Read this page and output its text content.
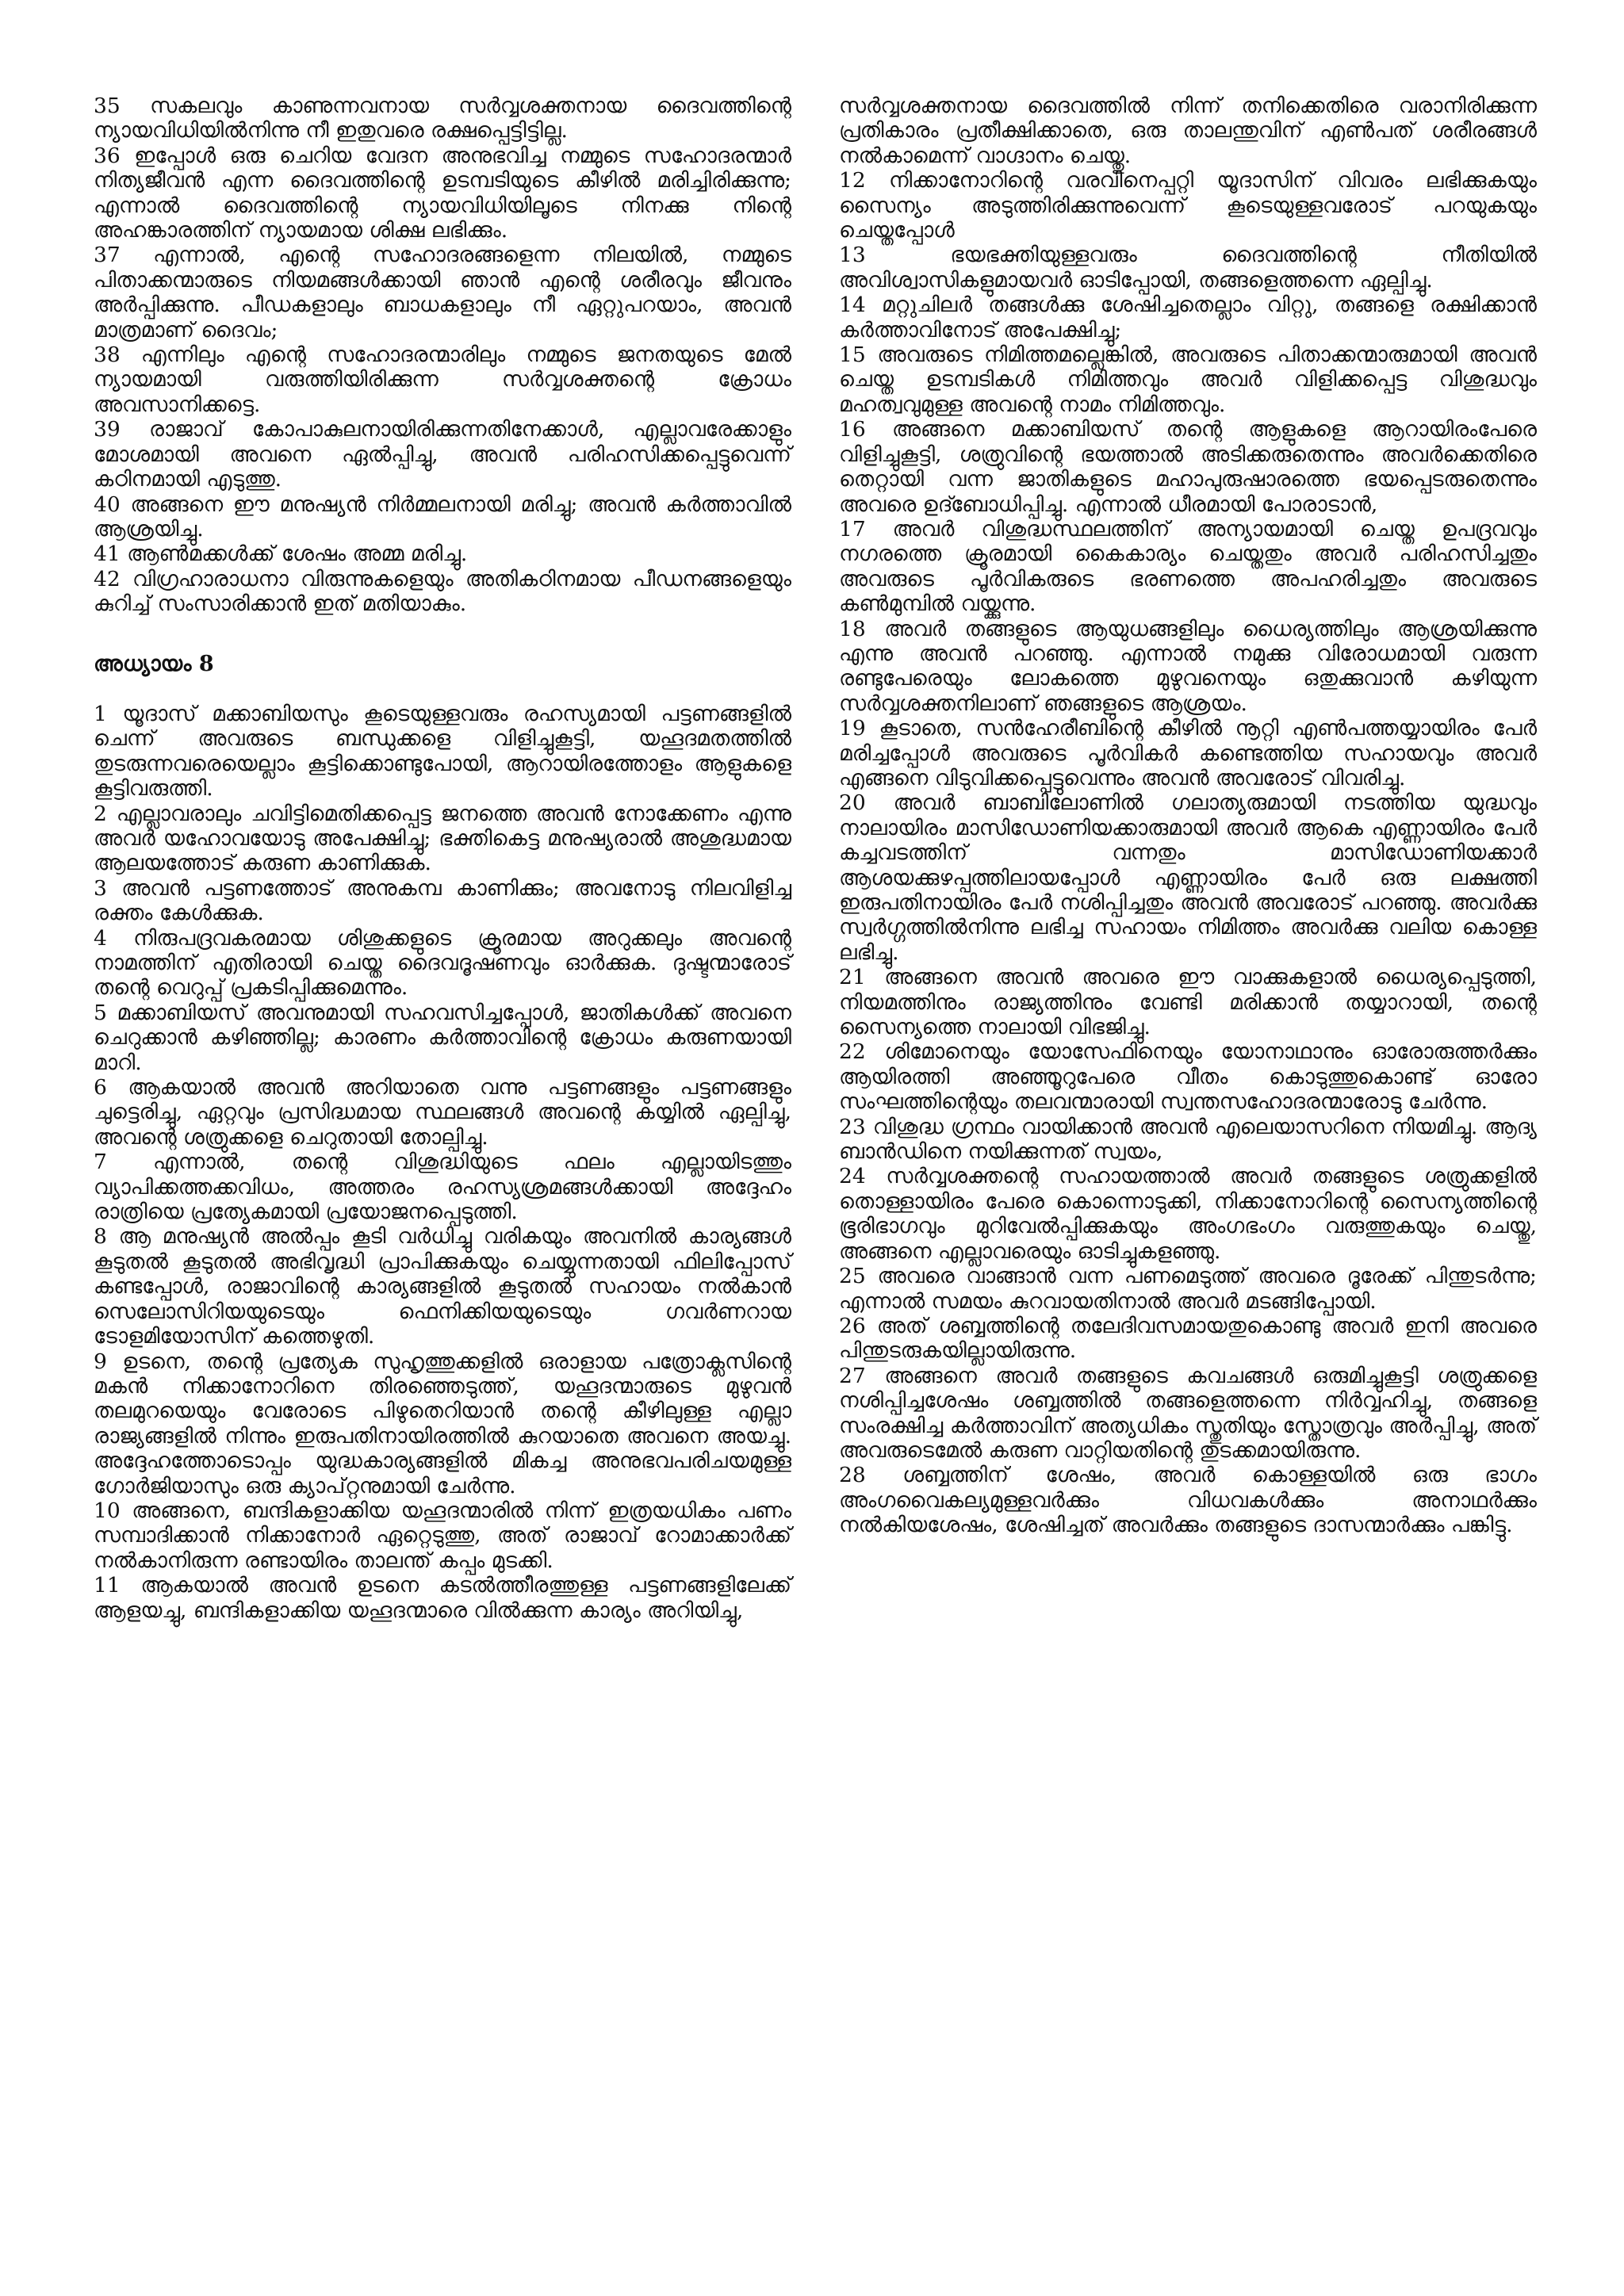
35 സകലവും കാണുന്നവനായ സർവ്വശക്തനായ ദൈവത്തിന്റെ ന്യായവിധിയിൽനിന്നു നീ ഇതുവരെ രക്ഷപ്പെട്ടിട്ടില്ല.

36 ഇപ്പോൾ ഒരു ചെറിയ വേദന അനുഭവിച്ച നമ്മുടെ സഹോദരന്മാർ നിത്യജീവൻ എന്ന ദൈവത്തിന്റെ ഉടമ്പടിയുടെ കീഴിൽ മരിച്ചിരിക്കുന്നു; എന്നാൽ ദൈവത്തിന്റെ ന്യായവിധിയിലൂടെ നിനക്കു നിന്റെ അഹങ്കാരത്തിന് ന്യായമായ ശിക്ഷ ലഭിക്കും.

37 എന്നാൽ, എന്റെ സഹോദരങ്ങളെന്ന നിലയിൽ, നമ്മുടെ പിതാക്കന്മാരുടെ നിയമങ്ങൾക്കായി ഞാൻ എന്റെ ശരീരവും ജീവനും അർപ്പിക്കുന്നു. പീഡകളാലും ബാധകളാലും നീ ഏറ്റുപറയാം, അവൻ മാത്രമാണ് ദൈവം;

38 എന്നിലും എന്റെ സഹോദരന്മാരിലും നമ്മുടെ ജനതയുടെ മേൽ ന്യായമായി വരുത്തിയിരിക്കുന്ന സർവ്വശക്തന്റെ ക്രോധം അവസാനിക്കട്ടെ.

39 രാജാവ് കോപാകുലനായിരിക്കുന്നതിനേക്കാൾ, എല്ലാവരേക്കാളും മോശമായി അവനെ ഏൽപ്പിച്ചു, അവൻ പരിഹസിക്കപ്പെട്ടുവെന്ന് കഠിനമായി എടുത്തു.

40 അങ്ങനെ ഈ മനുഷ്യൻ നിർമ്മലനായി മരിച്ചു; അവൻ കർത്താവിൽ ആശ്രയിച്ചു.

41 ആൺമക്കൾക്ക് ശേഷം അമ്മ മരിച്ചു.

42 വിഗ്രഹാരാധനാ വിരുന്നുകളെയും അതികഠിനമായ പീഡനങ്ങളെയും കുറിച്ച് സംസാരിക്കാൻ ഇത് മതിയാകും.

അധ്യായം 8

1 യൂദാസ് മക്കാബിയസും കൂടെയുള്ളവരും രഹസ്യമായി പട്ടണങ്ങളിൽ ചെന്ന് അവരുടെ ബന്ധുക്കളെ വിളിച്ചുകൂട്ടി, യഹൂദമതത്തിൽ തുടരുന്നവരെയെല്ലാം കൂട്ടിക്കൊണ്ടുപോയി, ആറായിരത്തോളം ആളുകളെ കൂട്ടിവരുത്തി.

2 എല്ലാവരാലും ചവിട്ടിമെതിക്കപ്പെട്ട ജനത്തെ അവൻ നോക്കേണം എന്നു അവർ യഹോവയോടു അപേക്ഷിച്ചു; ഭക്തികെട്ട മനുഷ്യരാൽ അശുദ്ധമായ ആലയത്തോട് കരുണ കാണിക്കുക.

3 അവൻ പട്ടണത്തോട് അനുകമ്പ കാണിക്കും; അവനോടു നിലവിളിച്ച രക്തം കേൾക്കുക.

4 നിരുപദ്രവകരമായ ശിശുക്കളുടെ ക്രൂരമായ അറുക്കലും അവന്റെ നാമത്തിന് എതിരായി ചെയ്ത ദൈവദൂഷണവും ഓർക്കുക. ദുഷ്ടന്മാരോട് തന്റെ വെറുപ്പ് പ്രകടിപ്പിക്കുമെന്നും.

5 മക്കാബിയസ് അവനുമായി സഹവസിച്ചപ്പോൾ, ജാതികൾക്ക് അവനെ ചെറുക്കാൻ കഴിഞ്ഞില്ല; കാരണം കർത്താവിന്റെ ക്രോധം കരുണയായി മാറി.

6 ആകയാൽ അവൻ അറിയാതെ വന്നു പട്ടണങ്ങളും പട്ടണങ്ങളും ചുട്ടെരിച്ചു, ഏറ്റവും പ്രസിദ്ധമായ സ്ഥലങ്ങൾ അവന്റെ കയ്യിൽ ഏല്പിച്ചു, അവന്റെ ശത്രുക്കളെ ചെറുതായി തോല്പിച്ചു.

7 എന്നാൽ, തന്റെ വിശുദ്ധിയുടെ ഫലം എല്ലായിടത്തും വ്യാപിക്കത്തക്കവിധം, അത്തരം രഹസ്യശ്രമങ്ങൾക്കായി അദ്ദേഹം രാത്രിയെ പ്രത്യേകമായി പ്രയോജനപ്പെടുത്തി.

8 ആ മനുഷ്യൻ അൽപ്പം കൂടി വർധിച്ചു വരികയും അവനിൽ കാര്യങ്ങൾ കൂടുതൽ കൂടുതൽ അഭിവൃദ്ധി പ്രാപിക്കുകയും ചെയ്യുന്നതായി ഫിലിപ്പോസ് കണ്ടപ്പോൾ, രാജാവിന്റെ കാര്യങ്ങളിൽ കൂടുതൽ സഹായം നൽകാൻ സെലോസിറിയയുടെയും ഫെനിക്കിയയുടെയും ഗവർണറായ ടോളമിയോസിന് കത്തെഴുതി.

9 ഉടനെ, തന്റെ പ്രത്യേക സുഹൃത്തുക്കളിൽ ഒരാളായ പത്രോക്ലസിന്റെ മകൻ നിക്കാനോറിനെ തിരഞ്ഞെടുത്ത്, യഹൂദന്മാരുടെ മുഴുവൻ തലമുറയെയും വേരോടെ പിഴുതെറിയാൻ തന്റെ കീഴിലുള്ള എല്ലാ രാജ്യങ്ങളിൽ നിന്നും ഇരുപതിനായിരത്തിൽ കുറയാതെ അവനെ അയച്ചു. അദ്ദേഹത്തോടൊപ്പം യുദ്ധകാര്യങ്ങളിൽ മികച്ച അനുഭവപരിചയമുള്ള ഗോർജിയാസും ഒരു ക്യാപ്റ്റനുമായി ചേർന്നു.

10 അങ്ങനെ, ബന്ദികളാക്കിയ യഹൂദന്മാരിൽ നിന്ന് ഇത്രയധികം പണം സമ്പാദിക്കാൻ നിക്കാനോർ ഏറ്റെടുത്തു, അത് രാജാവ് റോമാക്കാർക്ക് നൽകാനിരുന്ന രണ്ടായിരം താലന്ത് കപ്പം മുടക്കി.

11 ആകയാൽ അവൻ ഉടനെ കടൽത്തീരത്തുള്ള പട്ടണങ്ങളിലേക്ക് ആളയച്ചു, ബന്ദികളാക്കിയ യഹൂദന്മാരെ വിൽക്കുന്ന കാര്യം അറിയിച്ചു,

സർവ്വശക്തനായ ദൈവത്തിൽ നിന്ന് തനിക്കെതിരെ വരാനിരിക്കുന്ന പ്രതികാരം പ്രതീക്ഷിക്കാതെ, ഒരു താലന്തുവിന് എൺപത് ശരീരങ്ങൾ നൽകാമെന്ന് വാഗ്ദാനം ചെയ്തു.

12 നിക്കാനോറിന്റെ വരവിനെപ്പറ്റി യൂദാസിന് വിവരം ലഭിക്കുകയും സൈന്യം അടുത്തിരിക്കുന്നുവെന്ന് കൂടെയുള്ളവരോട് പറയുകയും ചെയ്തപ്പോൾ

13 ഭയഭക്തിയുള്ളവരും ദൈവത്തിന്റെ നീതിയിൽ അവിശ്വാസികളുമായവർ ഓടിപ്പോയി, തങ്ങളെത്തന്നെ ഏല്പിച്ചു.

14 മറ്റുചിലർ തങ്ങൾക്കു ശേഷിച്ചതെല്ലാം വിറ്റു, തങ്ങളെ രക്ഷിക്കാൻ കർത്താവിനോട് അപേക്ഷിച്ചു;

15 അവരുടെ നിമിത്തമല്ലെങ്കിൽ, അവരുടെ പിതാക്കന്മാരുമായി അവൻ ചെയ്ത ഉടമ്പടികൾ നിമിത്തവും അവർ വിളിക്കപ്പെട്ട വിശുദ്ധവും മഹത്വവുമുള്ള അവന്റെ നാമം നിമിത്തവും.

16 അങ്ങനെ മക്കാബിയസ് തന്റെ ആളുകളെ ആറായിരംപേരെ വിളിച്ചുകൂട്ടി, ശത്രുവിന്റെ ഭയത്താൽ അടിക്കരുതെന്നും അവർക്കെതിരെ തെറ്റായി വന്ന ജാതികളുടെ മഹാപുരുഷാരത്തെ ഭയപ്പെടരുതെന്നും അവരെ ഉദ്ബോധിപ്പിച്ചു. എന്നാൽ ധീരമായി പോരാടാൻ,

17 അവർ വിശുദ്ധസ്ഥലത്തിന് അന്യായമായി ചെയ്ത ഉപദ്രവവും നഗരത്തെ ക്രൂരമായി കൈകാര്യം ചെയ്തതും അവർ പരിഹസിച്ചതും അവരുടെ പൂർവികരുടെ ഭരണത്തെ അപഹരിച്ചതും അവരുടെ കൺമുമ്പിൽ വയ്ക്കുന്നു.

18 അവർ തങ്ങളുടെ ആയുധങ്ങളിലും ധൈര്യത്തിലും ആശ്രയിക്കുന്നു എന്നു അവൻ പറഞ്ഞു. എന്നാൽ നമുക്കു വിരോധമായി വരുന്ന രണ്ടുപേരെയും ലോകത്തെ മുഴുവനെയും ഒതുക്കുവാൻ കഴിയുന്ന സർവ്വശക്തനിലാണ് ഞങ്ങളുടെ ആശ്രയം.

19 കൂടാതെ, സൻഹേരീബിന്റെ കീഴിൽ നൂറ്റി എൺപത്തയ്യായിരം പേർ മരിച്ചപ്പോൾ അവരുടെ പൂർവികർ കണ്ടെത്തിയ സഹായവും അവർ എങ്ങനെ വിടുവിക്കപ്പെട്ടുവെന്നും അവൻ അവരോട് വിവരിച്ചു.

20 അവർ ബാബിലോണിൽ ഗലാത്യരുമായി നടത്തിയ യുദ്ധവും നാലായിരം മാസിഡോണിയക്കാരുമായി അവർ ആകെ എണ്ണായിരം പേർ കച്ചവടത്തിന് വന്നതും മാസിഡോണിയക്കാർ ആശയക്കുഴപ്പത്തിലായപ്പോൾ എണ്ണായിരം പേർ ഒരു ലക്ഷത്തി ഇരുപതിനായിരം പേർ നശിപ്പിച്ചതും അവൻ അവരോട് പറഞ്ഞു. അവർക്കു സ്വർഗ്ഗത്തിൽനിന്നു ലഭിച്ച സഹായം നിമിത്തം അവർക്കു വലിയ കൊള്ള ലഭിച്ചു.

21 അങ്ങനെ അവൻ അവരെ ഈ വാക്കുകളാൽ ധൈര്യപ്പെടുത്തി, നിയമത്തിനും രാജ്യത്തിനും വേണ്ടി മരിക്കാൻ തയ്യാറായി, തന്റെ സൈന്യത്തെ നാലായി വിഭജിച്ചു.

22 ശിമോനെയും യോസേഫിനെയും യോനാഥാനും ഓരോരുത്തർക്കും ആയിരത്തി അഞ്ഞൂറുപേരെ വീതം കൊടുത്തുകൊണ്ട് ഓരോ സംഘത്തിന്റെയും തലവന്മാരായി സ്വന്തസഹോദരന്മാരോടു ചേർന്നു.

23 വിശുദ്ധ ഗ്രന്ഥം വായിക്കാൻ അവൻ എലെയാസറിനെ നിയമിച്ചു. ആദ്യ ബാൻഡിനെ നയിക്കുന്നത് സ്വയം,

24 സർവ്വശക്തന്റെ സഹായത്താൽ അവർ തങ്ങളുടെ ശത്രുക്കളിൽ തൊള്ളായിരം പേരെ കൊന്നൊടുക്കി, നിക്കാനോറിന്റെ സൈന്യത്തിന്റെ ഭൂരിഭാഗവും മുറിവേൽപ്പിക്കുകയും അംഗഭംഗം വരുത്തുകയും ചെയ്തു, അങ്ങനെ എല്ലാവരെയും ഓടിച്ചുകളഞ്ഞു.

25 അവരെ വാങ്ങാൻ വന്ന പണമെടുത്ത് അവരെ ദൂരേക്ക് പിന്തുടർന്നു; എന്നാൽ സമയം കുറവായതിനാൽ അവർ മടങ്ങിപ്പോയി.

26 അത് ശബ്ബത്തിന്റെ തലേദിവസമായതുകൊണ്ടു അവർ ഇനി അവരെ പിന്തുടരുകയില്ലായിരുന്നു.

27 അങ്ങനെ അവർ തങ്ങളുടെ കവചങ്ങൾ ഒരുമിച്ചുകൂട്ടി ശത്രുക്കളെ നശിപ്പിച്ചശേഷം ശബ്ബത്തിൽ തങ്ങളെത്തന്നെ നിർവ്വഹിച്ചു, തങ്ങളെ സംരക്ഷിച്ച കർത്താവിന് അത്യധികം സ്തുതിയും സ്തോത്രവും അർപ്പിച്ചു, അത് അവരുടെമേൽ കരുണ വാറ്റിയതിന്റെ തുടക്കമായിരുന്നു.

28 ശബ്ബത്തിന് ശേഷം, അവർ കൊള്ളയിൽ ഒരു ഭാഗം അംഗവൈകല്യമുള്ളവർക്കും വിധവകൾക്കും അനാഥർക്കും നൽകിയശേഷം, ശേഷിച്ചത് അവർക്കും തങ്ങളുടെ ദാസന്മാർക്കും പങ്കിട്ടു.
